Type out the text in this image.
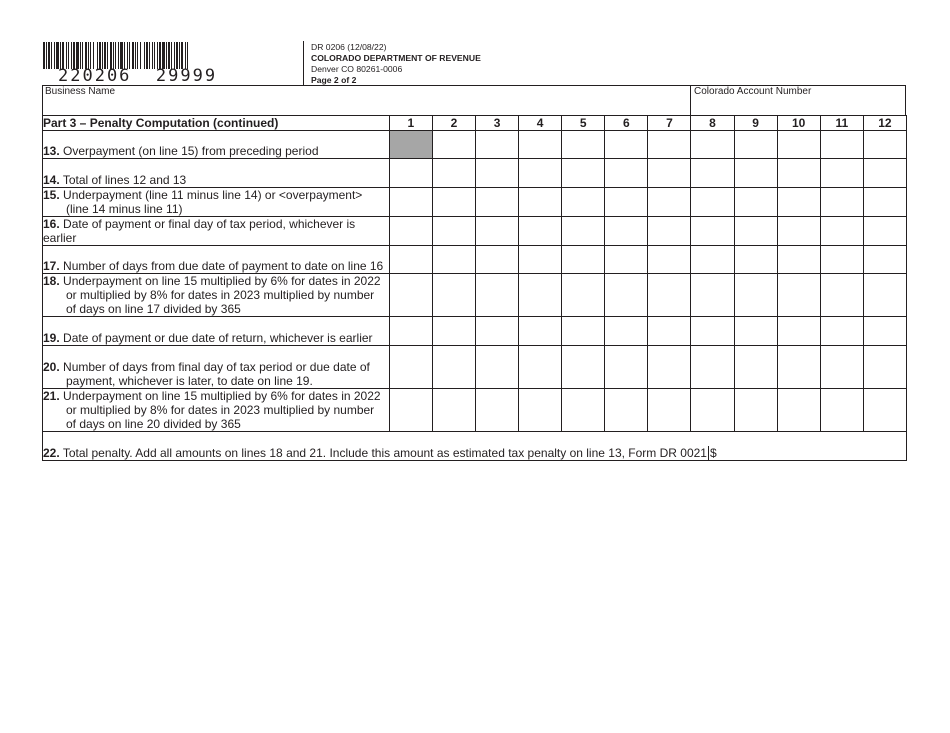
220206  29999
DR 0206 (12/08/22)
COLORADO DEPARTMENT OF REVENUE
Denver CO 80261-0006
Page 2 of 2
Business Name	Colorado Account Number
Part 3 – Penalty Computation (continued)	1	2	3	4	5	6	7	8	9	10	11	12
13. Overpayment (on line 15) from preceding period												
14. Total of lines 12 and 13												
15. Underpayment (line 11 minus line 14) or <overpayment>
(line 14 minus line 11)												

16. Date of payment or final day of tax period, whichever is earlier												
17. Number of days from due date of payment to date on line 16												
18. Underpayment on line 15 multiplied by 6% for dates in 2022
or multiplied by 8% for dates in 2023 multiplied by number
of days on line 17 divided by 365												

19. Date of payment or due date of return, whichever is earlier												
20. Number of days from final day of tax period or due date of
payment, whichever is later, to date on line 19.												

21. Underpayment on line 15 multiplied by 6% for dates in 2022
or multiplied by 8% for dates in 2023 multiplied by number
of days on line 20 divided by 365												

22. Total penalty. Add all amounts on lines 18 and 21. Include this amount as estimated tax penalty on line 13, Form DR 0021 $												
